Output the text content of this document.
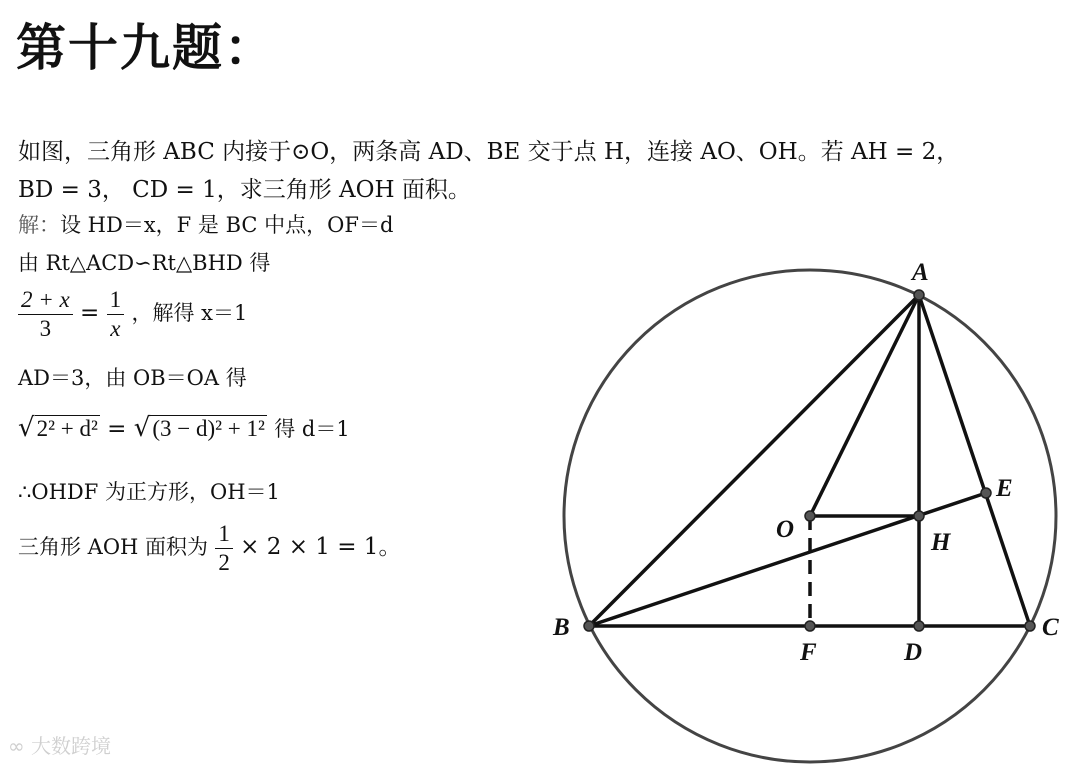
第十九题：
如图，三角形 ABC 内接于⊙O，两条高 AD、BE 交于点 H，连接 AO、OH。若 AH = 2，
BD = 3， CD = 1，求三角形 AOH 面积。
解：设 HD＝x，F 是 BC 中点，OF＝d
由 Rt△ACD∽Rt△BHD 得
$\frac{2 + x}{3} = \frac{1}{x}$ ，解得 x＝1
AD＝3，由 OB＝OA 得
√2² + d² = √(3 − d)² + 1² 得 d＝1
∴OHDF 为正方形，OH＝1
三角形 AOH 面积为 $\frac{1}{2} \times 2 \times 1 = 1$。
A
B	C
D
E
F
H
O
∞ 大数跨境
